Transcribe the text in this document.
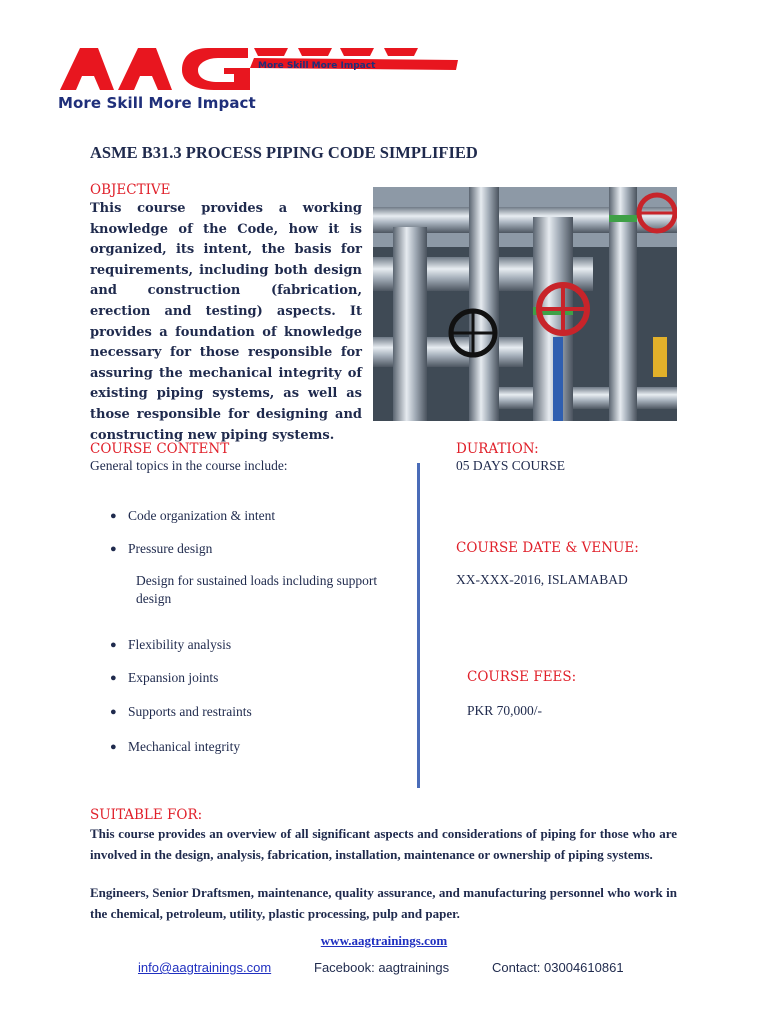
More Skill More Impact
More Skill More Impact
ASME B31.3 PROCESS PIPING CODE SIMPLIFIED
OBJECTIVE
This course provides a working knowledge of the Code, how it is organized, its intent, the basis for requirements, including both design and construction (fabrication, erection and testing) aspects. It provides a foundation of knowledge necessary for those responsible for assuring the mechanical integrity of existing piping systems, as well as those responsible for designing and constructing new piping systems.
COURSE CONTENT
General topics in the course include:
● Code organization & intent
● Pressure design
Design for sustained loads including support design
● Flexibility analysis
● Expansion joints
● Supports and restraints
● Mechanical integrity
DURATION:
05 DAYS COURSE
COURSE DATE & VENUE:
XX-XXX-2016, ISLAMABAD
COURSE FEES:
PKR 70,000/-
SUITABLE FOR:
This course provides an overview of all significant aspects and considerations of piping for those who are involved in the design, analysis, fabrication, installation, maintenance or ownership of piping systems.
Engineers, Senior Draftsmen, maintenance, quality assurance, and manufacturing personnel who work in the chemical, petroleum, utility, plastic processing, pulp and paper.
www.aagtrainings.com
info@aagtrainings.com	Facebook: aagtrainings	Contact: 03004610861
